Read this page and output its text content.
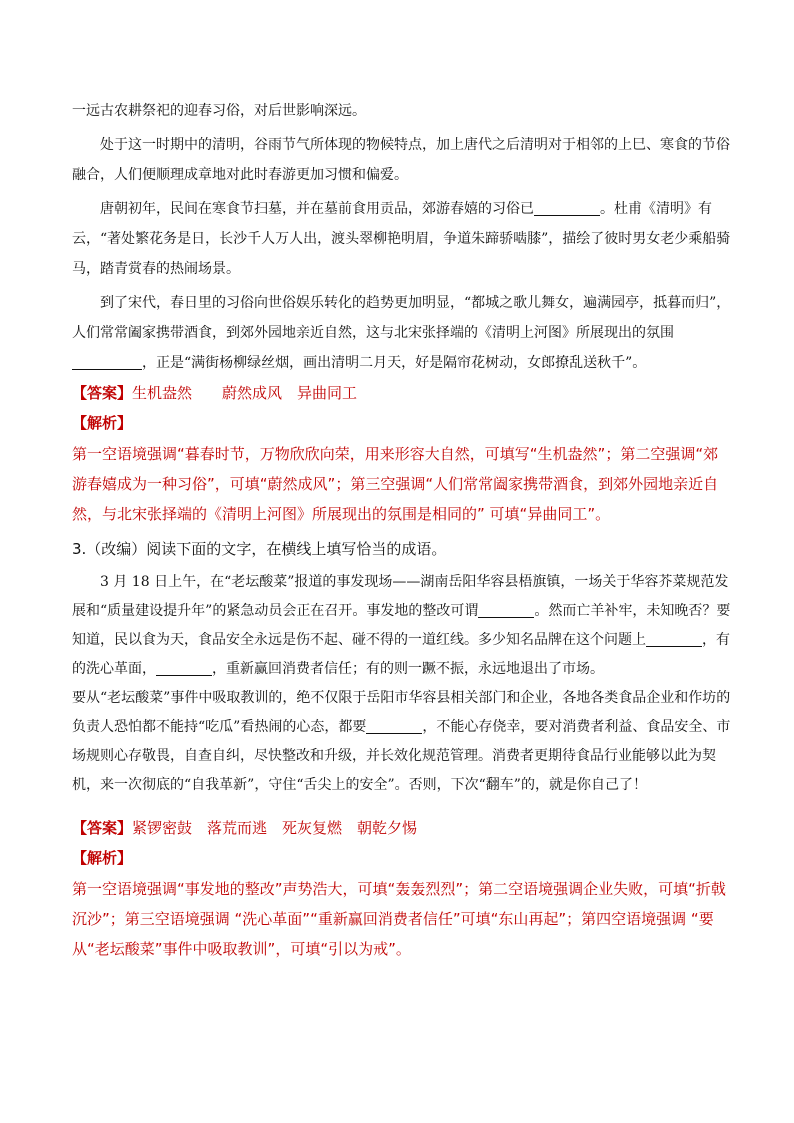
一远古农耕祭祀的迎春习俗，对后世影响深远。

处于这一时期中的清明，谷雨节气所体现的物候特点，加上唐代之后清明对于相邻的上巳、寒食的节俗融合，人们便顺理成章地对此时春游更加习惯和偏爱。

唐朝初年，民间在寒食节扫墓，并在墓前食用贡品，郊游春嬉的习俗已	。杜甫《清明》有云，“著处繁花务是日，长沙千人万人出，渡头翠柳艳明眉，争道朱蹄骄啮膝”，描绘了彼时男女老少乘船骑马，踏青赏春的热闹场景。

到了宋代，春日里的习俗向世俗娱乐转化的趋势更加明显，“都城之歌儿舞女，遍满园亭，抵暮而归”，人们常常阖家携带酒食，到郊外园地亲近自然，这与北宋张择端的《清明上河图》所展现出的氛围，正是“满街杨柳绿丝烟，画出清明二月天，好是隔帘花树动，女郎撩乱送秋千”。

【答案】生机盎然　　蔚然成风　异曲同工

【解析】

第一空语境强调“暮春时节，万物欣欣向荣，用来形容大自然，可填写“生机盎然”；第二空强调“郊游春嬉成为一种习俗”，可填“蔚然成风”；第三空强调“人们常常阖家携带酒食，到郊外园地亲近自然，与北宋张择端的《清明上河图》所展现出的氛围是相同的” 可填“异曲同工”。

3.（改编）阅读下面的文字，在横线上填写恰当的成语。

3 月 18 日上午，在“老坛酸菜”报道的事发现场——湖南岳阳华容县梧旗镇，一场关于华容芥菜规范发展和“质量建设提升年”的紧急动员会正在召开。事发地的整改可谓	。然而亡羊补牢，未知晚否？要知道，民以食为天，食品安全永远是伤不起、碰不得的一道红线。多少知名品牌在这个问题上	，有的洗心革面，	，重新赢回消费者信任；有的则一蹶不振，永远地退出了市场。

要从“老坛酸菜”事件中吸取教训的，绝不仅限于岳阳市华容县相关部门和企业，各地各类食品企业和作坊的负责人恐怕都不能持“吃瓜”看热闹的心态，都要	，不能心存侥幸，要对消费者利益、食品安全、市场规则心存敬畏，自查自纠，尽快整改和升级，并长效化规范管理。消费者更期待食品行业能够以此为契机，来一次彻底的“自我革新”，守住“舌尖上的安全”。否则，下次“翻车”的，就是你自己了！

【答案】紧锣密鼓　落荒而逃　死灰复燃　朝乾夕惕

【解析】

第一空语境强调“事发地的整改”声势浩大，可填“轰轰烈烈”；第二空语境强调企业失败，可填“折戟沉沙”；第三空语境强调 “洗心革面”“重新赢回消费者信任”可填“东山再起”；第四空语境强调 “要从“老坛酸菜”事件中吸取教训”，可填“引以为戒”。
